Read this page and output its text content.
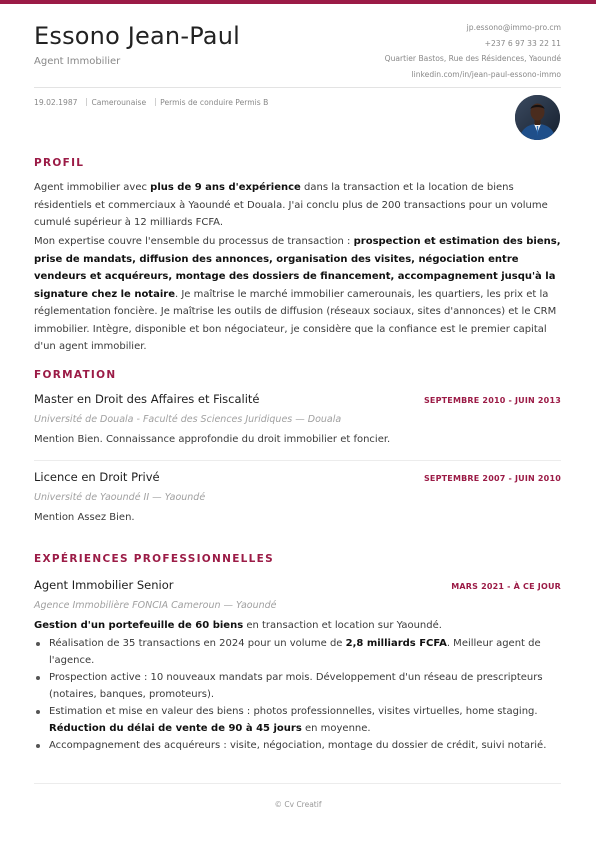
Essono Jean-Paul
Agent Immobilier
jp.essono@immo-pro.cm
+237 6 97 33 22 11
Quartier Bastos, Rue des Résidences, Yaoundé
linkedin.com/in/jean-paul-essono-immo
19.02.1987 Camerounaise Permis de conduire Permis B
PROFIL

Agent immobilier avec plus de 9 ans d'expérience dans la transaction et la location de biens résidentiels et commerciaux à Yaoundé et Douala. J'ai conclu plus de 200 transactions pour un volume cumulé supérieur à 12 milliards FCFA.

Mon expertise couvre l'ensemble du processus de transaction : prospection et estimation des biens, prise de mandats, diffusion des annonces, organisation des visites, négociation entre vendeurs et acquéreurs, montage des dossiers de financement, accompagnement jusqu'à la signature chez le notaire. Je maîtrise le marché immobilier camerounais, les quartiers, les prix et la réglementation foncière. Je maîtrise les outils de diffusion (réseaux sociaux, sites d'annonces) et le CRM immobilier. Intègre, disponible et bon négociateur, je considère que la confiance est le premier capital d'un agent immobilier.

FORMATION
Master en Droit des Affaires et Fiscalité	SEPTEMBRE 2010 - JUIN 2013
Université de Douala - Faculté des Sciences Juridiques — Douala
Mention Bien. Connaissance approfondie du droit immobilier et foncier.
Licence en Droit Privé	SEPTEMBRE 2007 - JUIN 2010
Université de Yaoundé II — Yaoundé
Mention Assez Bien.
EXPÉRIENCES PROFESSIONNELLES
Agent Immobilier Senior	MARS 2021 - À CE JOUR
Agence Immobilière FONCIA Cameroun — Yaoundé
Gestion d'un portefeuille de 60 biens en transaction et location sur Yaoundé.
Réalisation de 35 transactions en 2024 pour un volume de 2,8 milliards FCFA. Meilleur agent de l'agence.
Prospection active : 10 nouveaux mandats par mois. Développement d'un réseau de prescripteurs (notaires, banques, promoteurs).
Estimation et mise en valeur des biens : photos professionnelles, visites virtuelles, home staging. Réduction du délai de vente de 90 à 45 jours en moyenne.
Accompagnement des acquéreurs : visite, négociation, montage du dossier de crédit, suivi notarié.
© Cv Creatif
